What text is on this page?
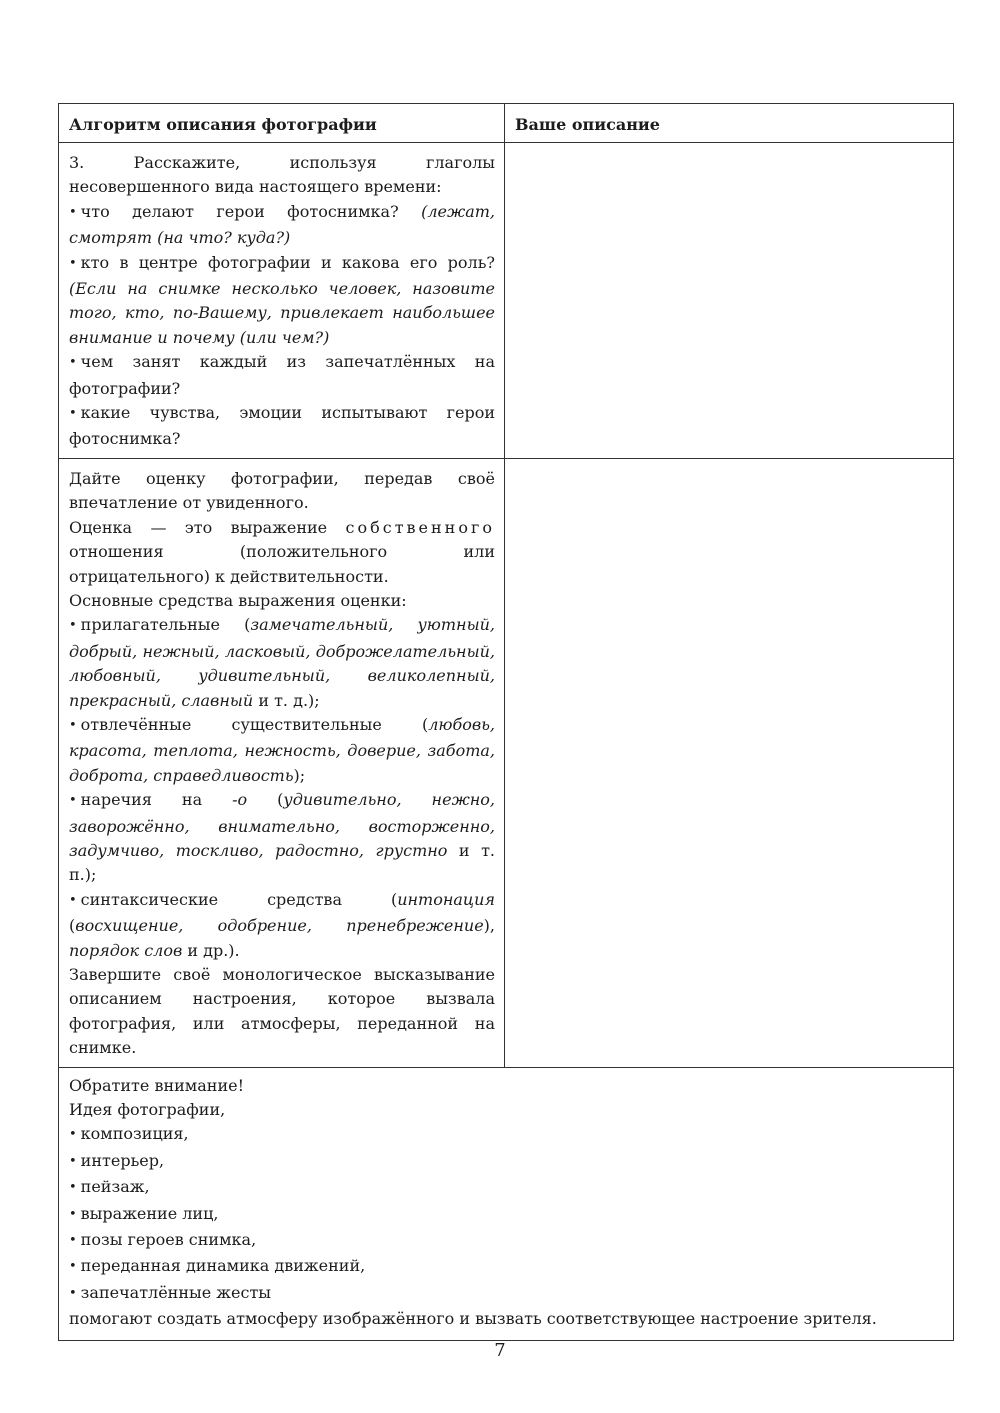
Алгоритм описания фотографии	Ваше описание

3. Расскажите, используя глаголы несовершенного вида настоящего времени:

• что делают герои фотоснимка? (лежат, смотрят (на что? куда?)

• кто в центре фотографии и какова его роль? (Если на снимке несколько человек, назовите того, кто, по-Вашему, привлекает наибольшее внимание и почему (или чем?)

• чем занят каждый из запечатлённых на фотографии?

• какие чувства, эмоции испытывают герои фотоснимка?

Дайте оценку фотографии, передав своё впечатление от увиденного.

Оценка — это выражение собственного отношения (положительного или отрицательного) к действительности.

Основные средства выражения оценки:

• прилагательные (замечательный, уютный, добрый, нежный, ласковый, доброжелательный, любовный, удивительный, великолепный, прекрасный, славный и т. д.);

• отвлечённые существительные (любовь, красота, теплота, нежность, доверие, забота, доброта, справедливость);

• наречия на -о (удивительно, нежно, заворожённо, внимательно, восторженно, задумчиво, тоскливо, радостно, грустно и т. п.);

• синтаксические средства (интонация (восхищение, одобрение, пренебрежение), порядок слов и др.).

Завершите своё монологическое высказывание описанием настроения, которое вызвала фотография, или атмосферы, переданной на снимке.

Обратите внимание!

Идея фотографии,

• композиция,

• интерьер,

• пейзаж,

• выражение лиц,

• позы героев снимка,

• переданная динамика движений,

• запечатлённые жесты

помогают создать атмосферу изображённого и вызвать соответствующее настроение зрителя.

7
